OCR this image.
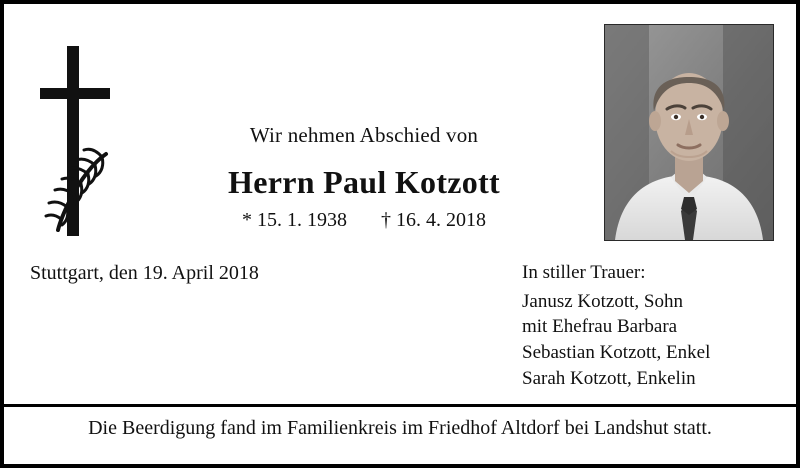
Wir nehmen Abschied von
Herrn Paul Kotzott
* 15. 1. 1938 † 16. 4. 2018
Stuttgart, den 19. April 2018	In stiller Trauer:
Janusz Kotzott, Sohn
mit Ehefrau Barbara
Sebastian Kotzott, Enkel
Sarah Kotzott, Enkelin
Die Beerdigung fand im Familienkreis im Friedhof Altdorf bei Landshut statt.
